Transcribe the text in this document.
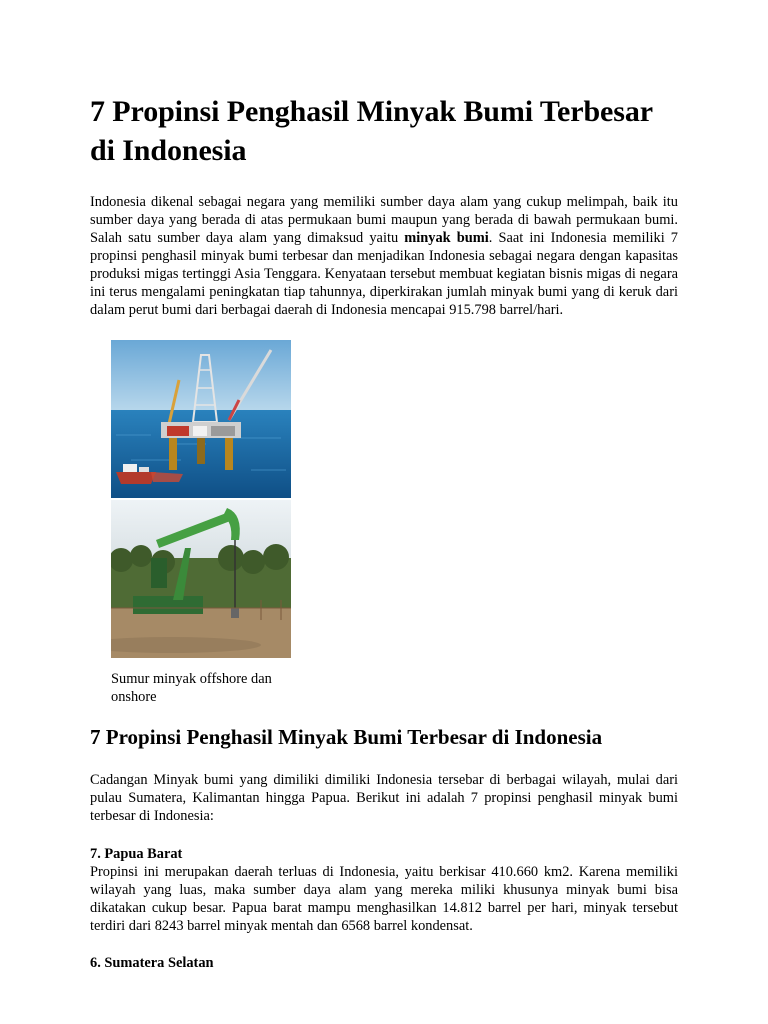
7 Propinsi Penghasil Minyak Bumi Terbesar di Indonesia

Indonesia dikenal sebagai negara yang memiliki sumber daya alam yang cukup melimpah, baik itu sumber daya yang berada di atas permukaan bumi maupun yang berada di bawah permukaan bumi. Salah satu sumber daya alam yang dimaksud yaitu minyak bumi. Saat ini Indonesia memiliki 7 propinsi penghasil minyak bumi terbesar dan menjadikan Indonesia sebagai negara dengan kapasitas produksi migas tertinggi Asia Tenggara. Kenyataan tersebut membuat kegiatan bisnis migas di negara ini terus mengalami peningkatan tiap tahunnya, diperkirakan jumlah minyak bumi yang di keruk dari dalam perut bumi dari berbagai daerah di Indonesia mencapai 915.798 barrel/hari.

Sumur minyak offshore dan onshore
7 Propinsi Penghasil Minyak Bumi Terbesar di Indonesia

Cadangan Minyak bumi yang dimiliki dimiliki Indonesia tersebar di berbagai wilayah, mulai dari pulau Sumatera, Kalimantan hingga Papua. Berikut ini adalah 7 propinsi penghasil minyak bumi terbesar di Indonesia:

7. Papua Barat

Propinsi ini merupakan daerah terluas di Indonesia, yaitu berkisar 410.660 km2. Karena memiliki wilayah yang luas, maka sumber daya alam yang mereka miliki khusunya minyak bumi bisa dikatakan cukup besar. Papua barat mampu menghasilkan 14.812 barrel per hari, minyak tersebut terdiri dari 8243 barrel minyak mentah dan 6568 barrel kondensat.

6. Sumatera Selatan
